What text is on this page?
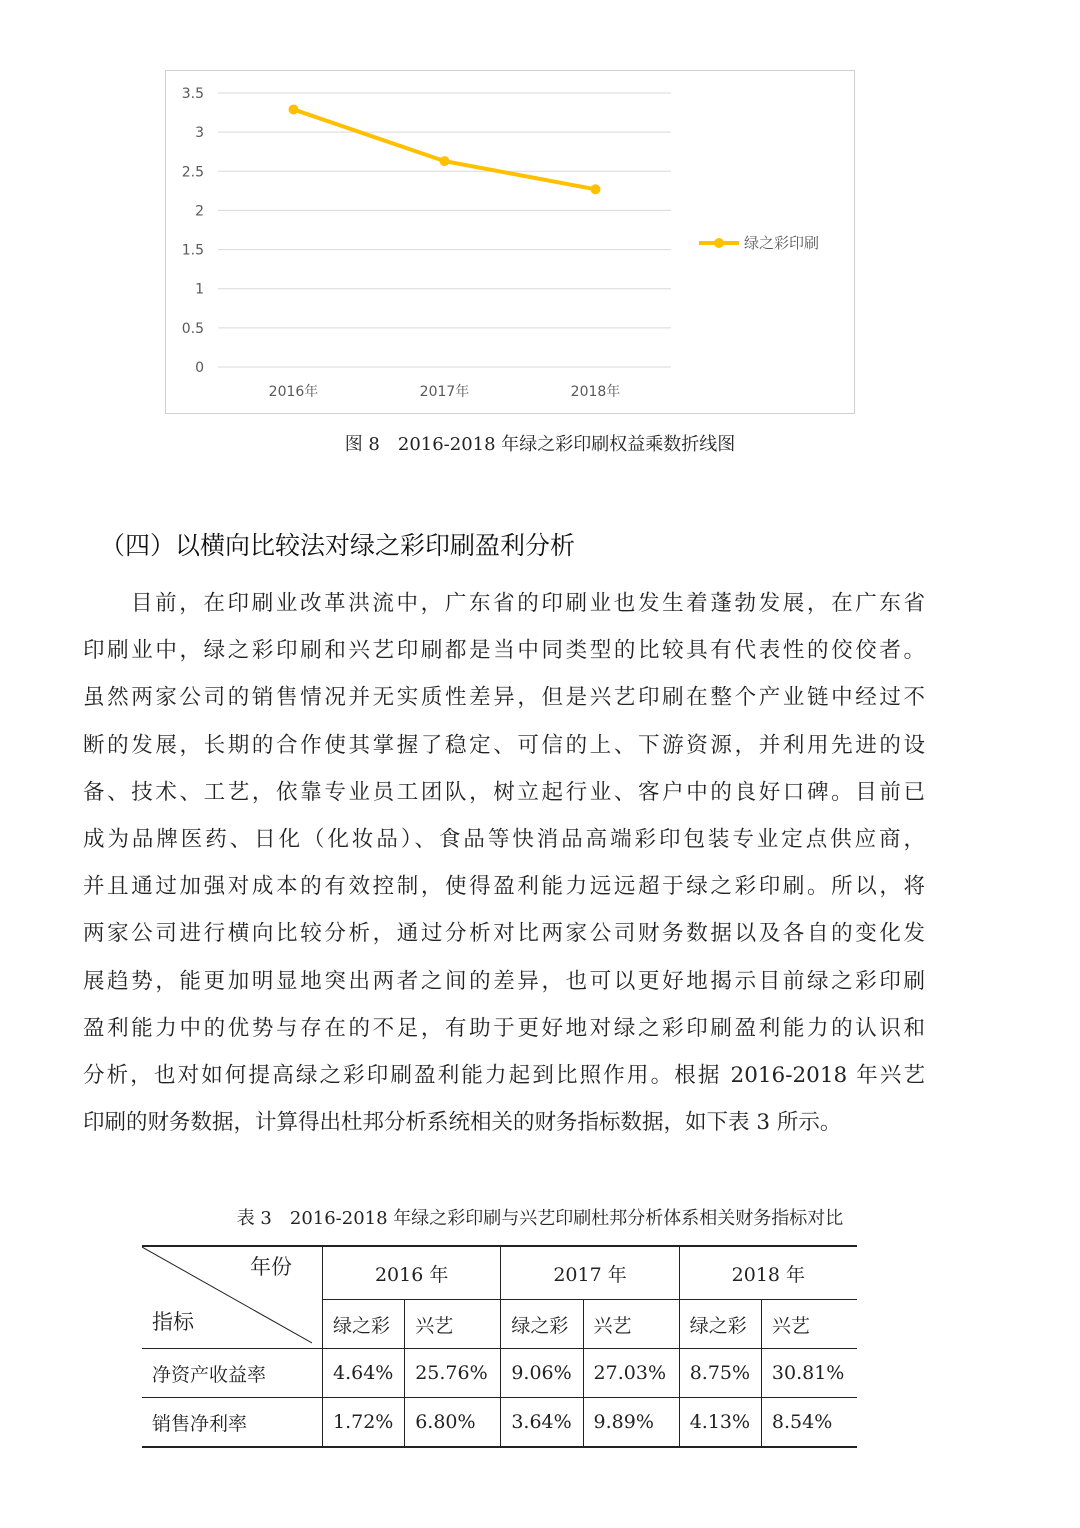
0
0.5
1
1.5
2
2.5
3
3.5
2016年	2017年	2018年
绿之彩印刷
图 8　2016-2018 年绿之彩印刷权益乘数折线图
（四）以横向比较法对绿之彩印刷盈利分析
目前，在印刷业改革洪流中，广东省的印刷业也发生着蓬勃发展，在广东省
印刷业中，绿之彩印刷和兴艺印刷都是当中同类型的比较具有代表性的佼佼者。
虽然两家公司的销售情况并无实质性差异，但是兴艺印刷在整个产业链中经过不
断的发展，长期的合作使其掌握了稳定、可信的上、下游资源，并利用先进的设
备、技术、工艺，依靠专业员工团队，树立起行业、客户中的良好口碑。目前已
成为品牌医药、日化（化妆品）、食品等快消品高端彩印包装专业定点供应商，
并且通过加强对成本的有效控制，使得盈利能力远远超于绿之彩印刷。所以，将
两家公司进行横向比较分析，通过分析对比两家公司财务数据以及各自的变化发
展趋势，能更加明显地突出两者之间的差异，也可以更好地揭示目前绿之彩印刷
盈利能力中的优势与存在的不足，有助于更好地对绿之彩印刷盈利能力的认识和
分析，也对如何提高绿之彩印刷盈利能力起到比照作用。根据 2016-2018 年兴艺
印刷的财务数据，计算得出杜邦分析系统相关的财务指标数据，如下表 3 所示。
表 3　2016-2018 年绿之彩印刷与兴艺印刷杜邦分析体系相关财务指标对比
年份
指标	2016 年		2017 年		2018 年	
	绿之彩	兴艺	绿之彩	兴艺	绿之彩	兴艺
净资产收益率	4.64%	25.76%	9.06%	27.03%	8.75%	30.81%
销售净利率	1.72%	6.80%	3.64%	9.89%	4.13%	8.54%
